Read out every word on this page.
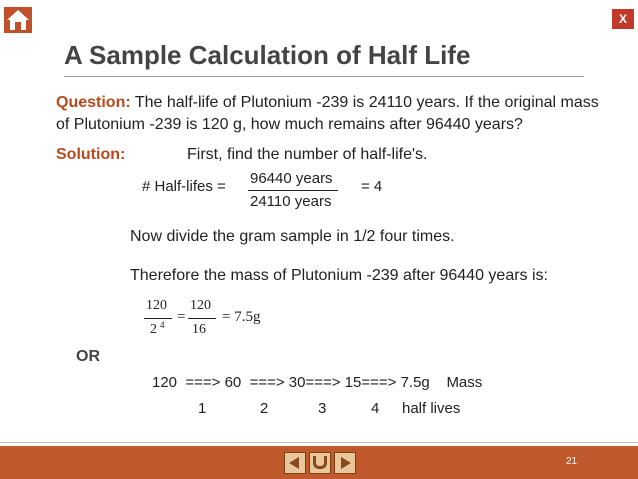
X
A Sample Calculation of Half Life
Question: The half-life of Plutonium -239 is 24110 years. If the original mass of Plutonium -239 is 120 g, how much remains after 96440 years?
Solution:	First, find the number of half-life's.
# Half-lifes = 96440 years
24110 years
= 4
Now divide the gram sample in 1/2 four times.
Therefore the mass of Plutonium -239 after 96440 years is:
120
2 4 =
120
16
= 7.5g
OR
120  ===> 60  ===> 30===> 15===> 7.5g    Mass
1	2	3	4 half lives
21
